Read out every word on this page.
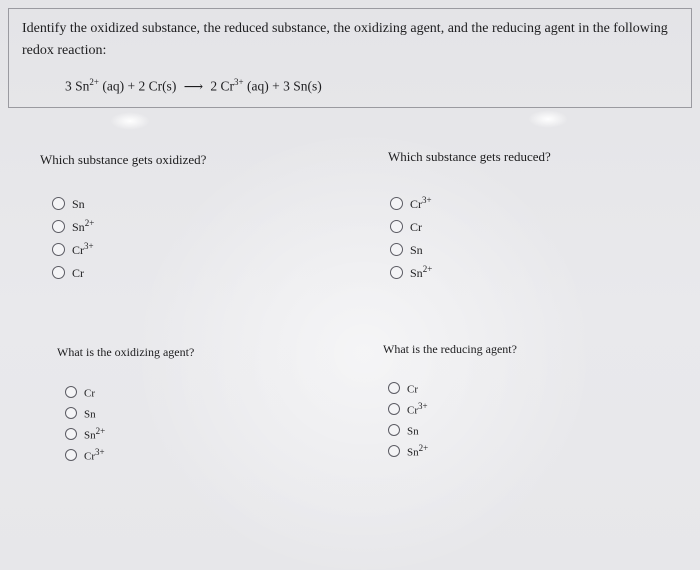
Identify the oxidized substance, the reduced substance, the oxidizing agent, and the reducing agent in the following redox reaction:
3 $Sn^{2+}$ (aq) + 2 Cr(s) ⟶ 2 $Cr^{3+}$ (aq) + 3 Sn(s)
Which substance gets oxidized?
Sn
$Sn^{2+}$
$Cr^{3+}$
Cr
Which substance gets reduced?
$Cr^{3+}$
Cr
Sn
$Sn^{2+}$
What is the oxidizing agent?
Cr
Sn
$Sn^{2+}$
$Cr^{3+}$
What is the reducing agent?
Cr
$Cr^{3+}$
Sn
$Sn^{2+}$
